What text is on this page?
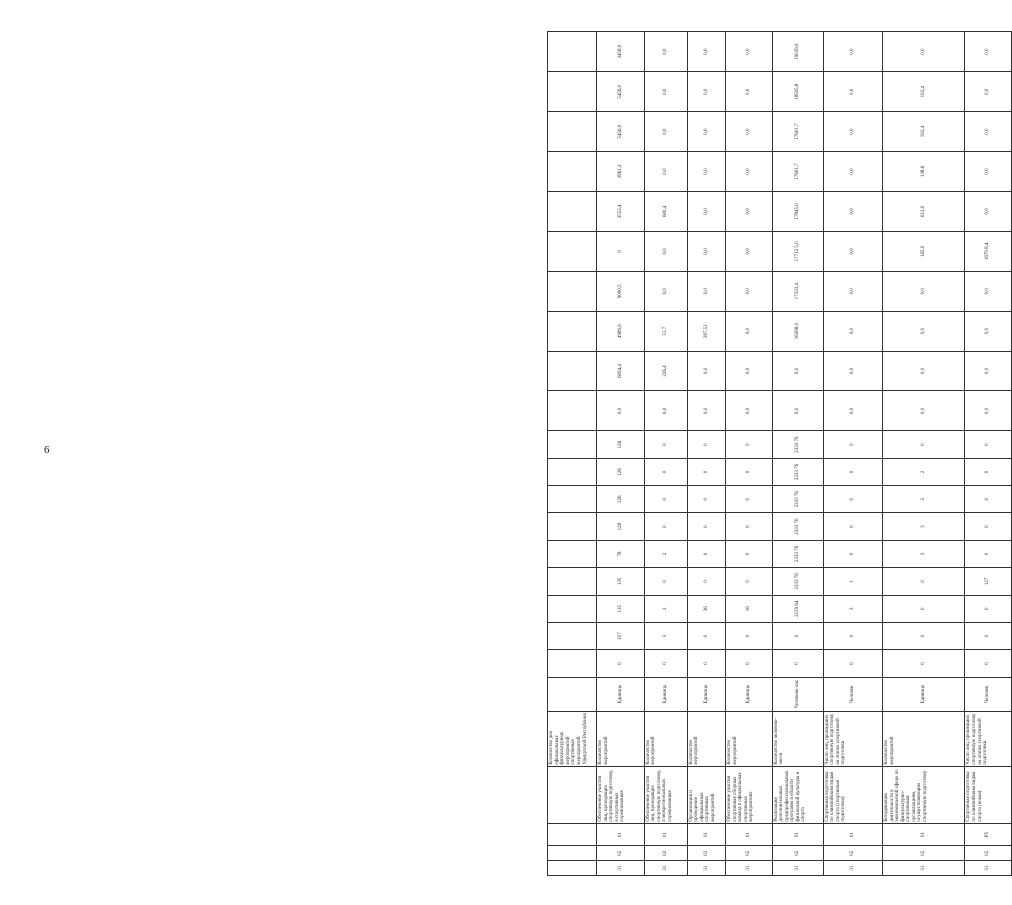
6
				Количество для официальных физкультурных мероприятий спортивных мероприятий Удмуртской Республики																				
31	02	01	Обеспечение участия лиц, проходящих спортивную подготовку, в спортивных соревнованиях	Количество мероприятий	Единица	0	107	135	135	78	128	126	126	126	0,0	6094,4	4989,9	9090,5	0	3552,4	3961,3	5456,0	5456,0	3458,0
31	02	01	Обеспечение участия лиц, проходящих спортивную подготовку, в межрегиональных соревнованиях	Количество мероприятий	Единица	0	3	2	0	2	0	0	0	0	0,0	226,4	51,7	0,0	0,0	600,4	0,0	0,0	0,0	0,0
31	02	01	Организация и проведение официальных спортивных мероприятий	Количество мероприятий	Единица	0	0	36	0	0	0	0	0	0	0,0	0,0	397,51	0,0	0,0	0,0	0,0	0,0	0,0	0,0
31	02	01	Обеспечение участия спортивных сборных команд в официальных спортивных мероприятиях	Количество мероприятий	Единица	0	0	16	0	0	0	0	0	0	0,0	0,0	0,0	0,0	0,0	0,0	0,0	0,0	0,0	0,0
31	02	01	Реализация дополнительных предпрофессиональных программ в области физической культуры и спорта	Количество человеко-часов	Человеко-час	0	0	2159 64	2333 76	2333 76	2333 76	2333 76	2333 76	2333 76	0,0	0,0	16368,9	17333,4	17712 5,0	17845,0	17601,7	17601,7	18505,8	19039,0
31	02	01	Спортивная подготовка по олимпийским видам спорта (спортивная подготовка)	Число лиц, прошедших спортивную подготовку на этапах спортивной подготовки	Человек	0	0	3	1	0	0	0	0	0	0,0	0,0	0,0	0,0	0,0	0,0	0,0	0,0	0,0	0,0
31	02	01	Координация деятельности в экономической сфере по физкультурно-спортивным организациям, осуществляющим спортивную подготовку	Количество мероприятий	Единица	0	0	0	0	3	3	2	2	0	0,0	0,0	0,0	0,0	165,0	612,0	138,6	192,4	192,4	0,0
31	02	Р5	Спортивная подготовка по олимпийским видам спорта (новая)	Число лиц, прошедших спортивную подготовку на этапах спортивной подготовки	Человек	0	0	0	127	0	0	0	0	0	0,0	0,0	0,0	0,0	1679 8,4	0,0	0,0	0,0	0,0	0,0
